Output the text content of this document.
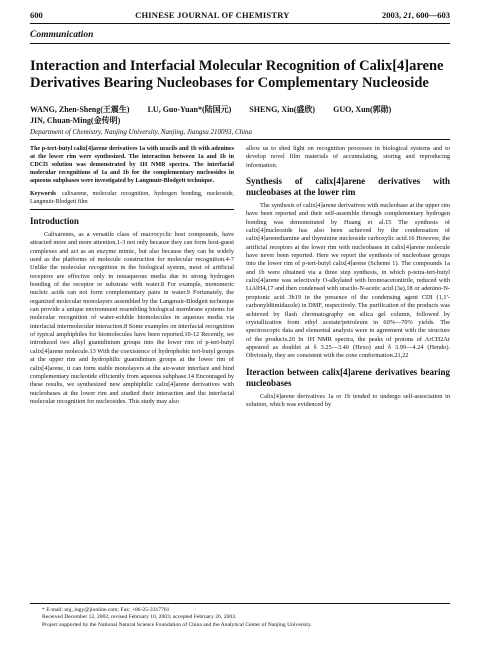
600	CHINESE JOURNAL OF CHEMISTRY	2003, 21, 600—603
Communication
Interaction and Interfacial Molecular Recognition of Calix[4]arene Derivatives Bearing Nucleobases for Complementary Nucleoside
WANG, Zhen-Sheng(王震生) LU, Guo-Yuan*(陆国元) SHENG, Xin(盛欣) GUO, Xun(郭勋)
JIN, Chuan-Ming(金传明)
Department of Chemistry, Nanjing University, Nanjing, Jiangsu 210093, China
The p-tert-butyl calix[4]arene derivatives 1a with uracils and 1b with adenines at the lower rim were synthesized. The interaction between 1a and 1b in CDCl3 solution was demonstrated by 1H NMR spectra. The interfacial molecular recognitions of 1a and 1b for the complementary nucleosides in aqueous subphases were investigated by Langmuir-Blodgett technique.
Keywords calixarene, molecular recognition, hydrogen bonding, nucleoside, Langmuir-Blodgett film
Introduction

Calixarenes, as a versatile class of macrocyclic host compounds, have attracted more and more attention,1-3 not only because they can form host-guest complexes and act as an enzyme mimic, but also because they can be widely used as the platforms of molecule construction for molecular recognition.4-7 Unlike the molecular recognition in the biological system, most of artificial receptors are effective only in nonaqueous media due to strong hydrogen bonding of the receptor or substrate with water.8 For example, monomeric nucleic acids can not form complementary pairs in water.9 Fortunately, the organized molecular monolayers assembled by the Langmuir-Blodgett technique can provide a unique environment resembling biological membrane systems for molecular recognition of water-soluble biomolecules in aqueous media via interfacial intermolecular interaction.8 Some examples on interfacial recognition of typical amphiphiles for biomolecules have been reported.10-12 Recently, we introduced two alkyl guanidinium groups into the lower rim of p-tert-butyl calix[4]arene molecule.13 With the coexistence of hydrophobic tert-butyl groups at the upper rim and hydrophilic guanidinium groups at the lower rim of calix[4]arene, it can form stable monolayers at the air-water interface and bind complementary nucleotide efficiently from aqueous subphase.14 Encouraged by these results, we synthesized new amphiphilic calix[4]arene derivatives with nucleobases at the lower rim and studied their interaction and the interfacial molecular recognition for nucleosides. This study may also

allow us to shed light on recognition processes in biological systems and to develop novel film materials of accumulating, storing and reproducing information.

Synthesis of calix[4]arene derivatives with nucleobases at the lower rim

The synthesis of calix[4]arene derivatives with nucleobase at the upper rim have been reported and their self-assemble through complementary hydrogen bonding was demonstrated by Huang et al.15 The synthesis of calix[4]nucleoside has also been achieved by the condensation of calix[4]arenediamine and thyminine nucleoside carboxylic acid.16 However, the artificial receptors at the lower rim with nucleobases in calix[4]arene molecule have never been reported. Here we report the synthesis of nucleobase groups into the lower rim of p-tert-butyl calix[4]arene (Scheme 1). The compounds 1a and 1b were obtained via a three step synthesis, in which p-tetra-tert-butyl calix[4]arene was selectively O-alkylated with bromoacetonitrile, reduced with LiAlH4,17 and then condensed with uracilo-N-acetic acid (3a),18 or adenino-N-propionic acid 3b19 in the presence of the condensing agent CDI (1,1′-carbonyldiimidazole) in DMF, respectively. The purification of the products was achieved by flash chromatography on silica gel column, followed by crystallization from ethyl acetate/petroleum in 60%—70% yields. The spectroscopic data and elemental analysis were in agreement with the structure of the products.20 In 1H NMR spectra, the peaks of protons of ArCH2Ar appeared as doublet at δ 3.25—3.40 (Hexo) and δ 3.99—4.24 (Hendo). Obviously, they are consistent with the cone conformation.21,22

Iteraction between calix[4]arene derivatives bearing nucleobases

Calix[4]arene derivatives 1a or 1b tended to undergo self-association in solution, which was evidenced by

* E-mail: nnj_lugy@jlonline.com; Fax: +86-25-3317761
Received December 12, 2002; revised February 10, 2003; accepted February 26, 2003.
Project supported by the National Natural Science Foundation of China and the Analytical Center of Nanjing University.
